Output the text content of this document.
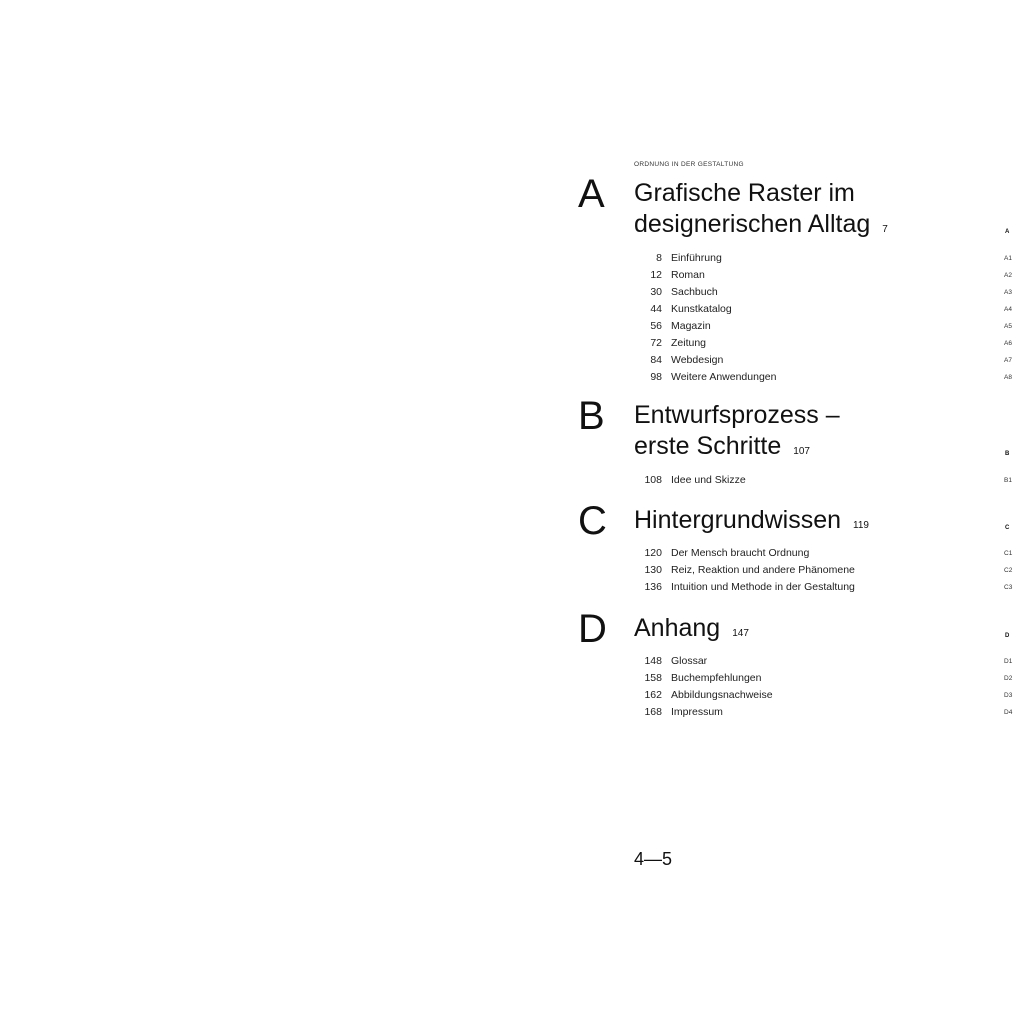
ORDNUNG IN DER GESTALTUNG
A Grafische Raster im
designerischen Alltag 7	A
8 Einführung	A1
12 Roman	A2
30 Sachbuch	A3
44 Kunstkatalog	A4
56 Magazin	A5
72 Zeitung	A6
84 Webdesign	A7
98 Weitere Anwendungen	A8
B Entwurfsprozess –
erste Schritte 107	B
108 Idee und Skizze	B1
C Hintergrundwissen 119	C
120 Der Mensch braucht Ordnung	C1
130 Reiz, Reaktion und andere Phänomene	C2
136 Intuition und Methode in der Gestaltung	C3
D Anhang 147	D
148 Glossar	D1
158 Buchempfehlungen	D2
162 Abbildungsnachweise	D3
168 Impressum	D4
4—5
